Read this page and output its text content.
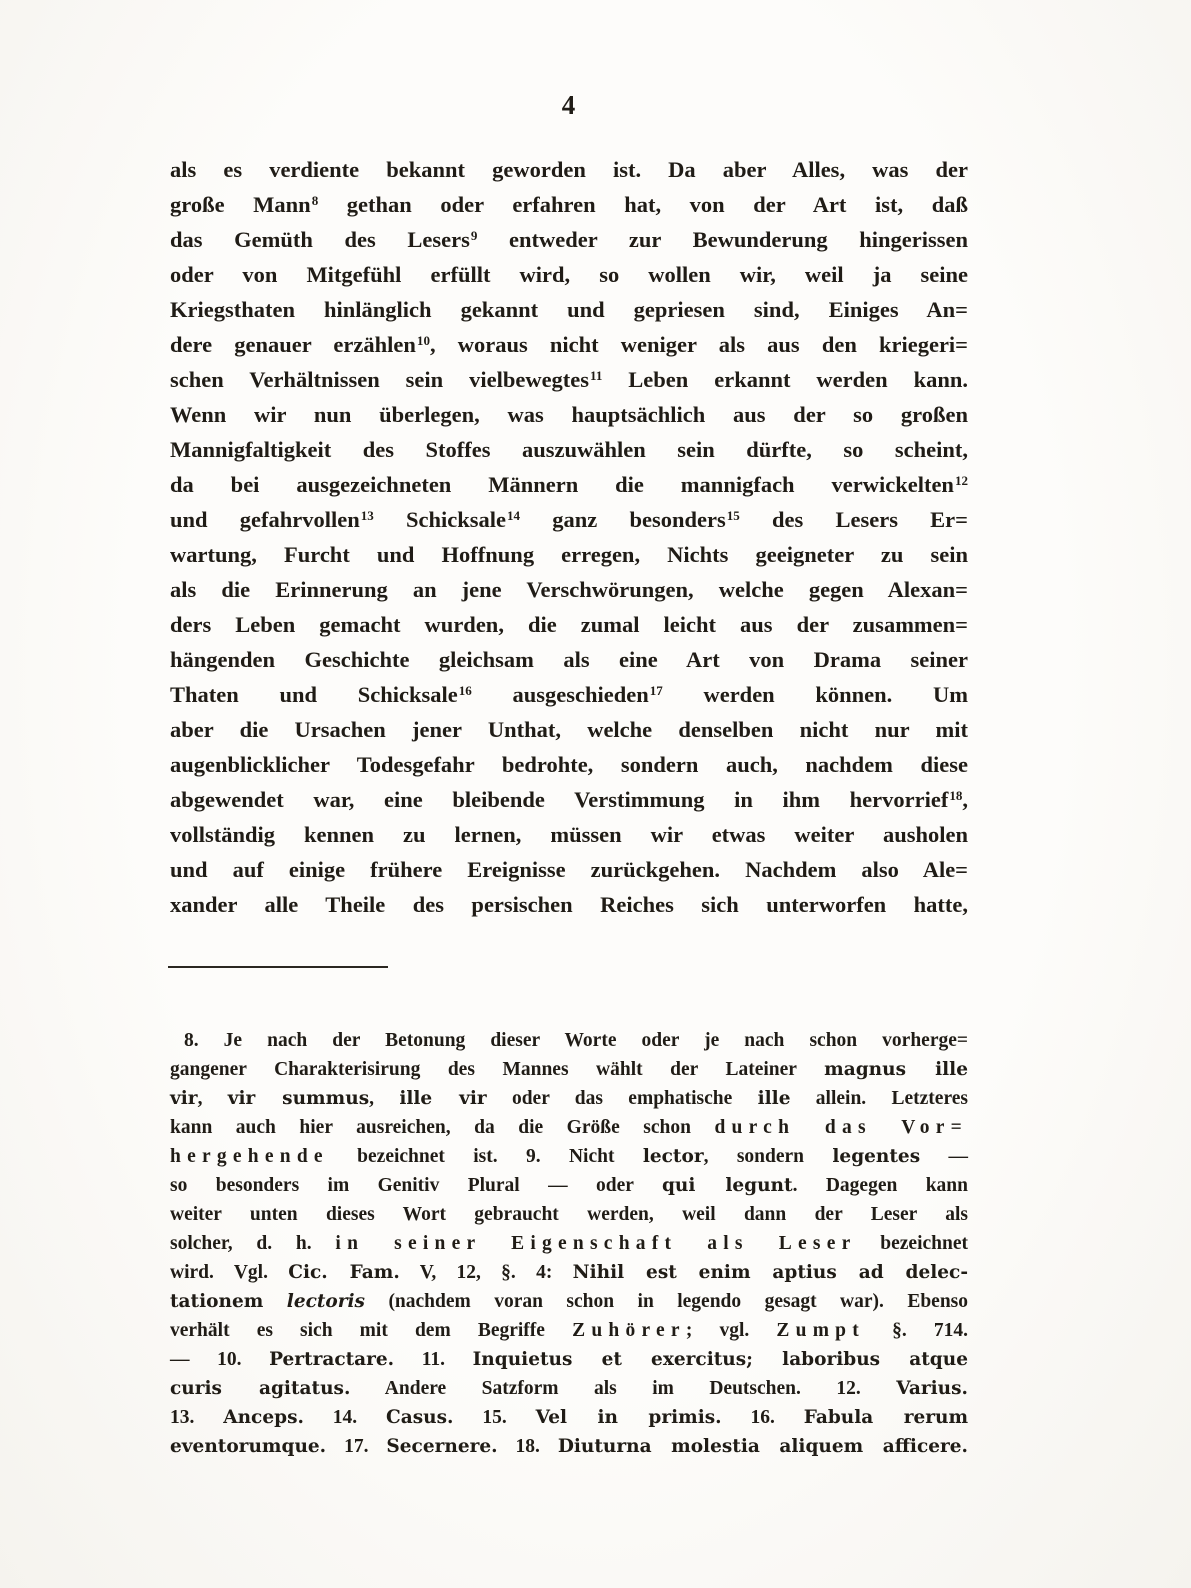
4
als es verdiente bekannt geworden ist. Da aber Alles, was der
große Mann$^8$ gethan oder erfahren hat, von der Art ist, daß
das Gemüth des Lesers$^9$ entweder zur Bewunderung hingerissen
oder von Mitgefühl erfüllt wird, so wollen wir, weil ja seine
Kriegsthaten hinlänglich gekannt und gepriesen sind, Einiges An=
dere genauer erzählen$^{10}$, woraus nicht weniger als aus den kriegeri=
schen Verhältnissen sein vielbewegtes$^{11}$ Leben erkannt werden kann.
Wenn wir nun überlegen, was hauptsächlich aus der so großen
Mannigfaltigkeit des Stoffes auszuwählen sein dürfte, so scheint,
da bei ausgezeichneten Männern die mannigfach verwickelten$^{12}$
und gefahrvollen$^{13}$ Schicksale$^{14}$ ganz besonders$^{15}$ des Lesers Er=
wartung, Furcht und Hoffnung erregen, Nichts geeigneter zu sein
als die Erinnerung an jene Verschwörungen, welche gegen Alexan=
ders Leben gemacht wurden, die zumal leicht aus der zusammen=
hängenden Geschichte gleichsam als eine Art von Drama seiner
Thaten und Schicksale$^{16}$ ausgeschieden$^{17}$ werden können. Um
aber die Ursachen jener Unthat, welche denselben nicht nur mit
augenblicklicher Todesgefahr bedrohte, sondern auch, nachdem diese
abgewendet war, eine bleibende Verstimmung in ihm hervorrief$^{18}$,
vollständig kennen zu lernen, müssen wir etwas weiter ausholen
und auf einige frühere Ereignisse zurückgehen. Nachdem also Ale=
xander alle Theile des persischen Reiches sich unterworfen hatte,
8. Je nach der Betonung dieser Worte oder je nach schon vorherge=
gangener Charakterisirung des Mannes wählt der Lateiner magnus ille
vir, vir summus, ille vir oder das emphatische ille allein. Letzteres
kann auch hier ausreichen, da die Größe schon durch das Vor=
hergehende bezeichnet ist. 9. Nicht lector, sondern legentes —
so besonders im Genitiv Plural — oder qui legunt. Dagegen kann
weiter unten dieses Wort gebraucht werden, weil dann der Leser als
solcher, d. h. in seiner Eigenschaft als Leser bezeichnet
wird. Vgl. Cic. Fam. V, 12, §. 4: Nihil est enim aptius ad delec-
tationem lectoris (nachdem voran schon in legendo gesagt war). Ebenso
verhält es sich mit dem Begriffe Zuhörer; vgl. Zumpt §. 714.
— 10. Pertractare. 11. Inquietus et exercitus; laboribus atque
curis agitatus. Andere Satzform als im Deutschen. 12. Varius.
13. Anceps. 14. Casus. 15. Vel in primis. 16. Fabula rerum
eventorumque. 17. Secernere. 18. Diuturna molestia aliquem afficere.
